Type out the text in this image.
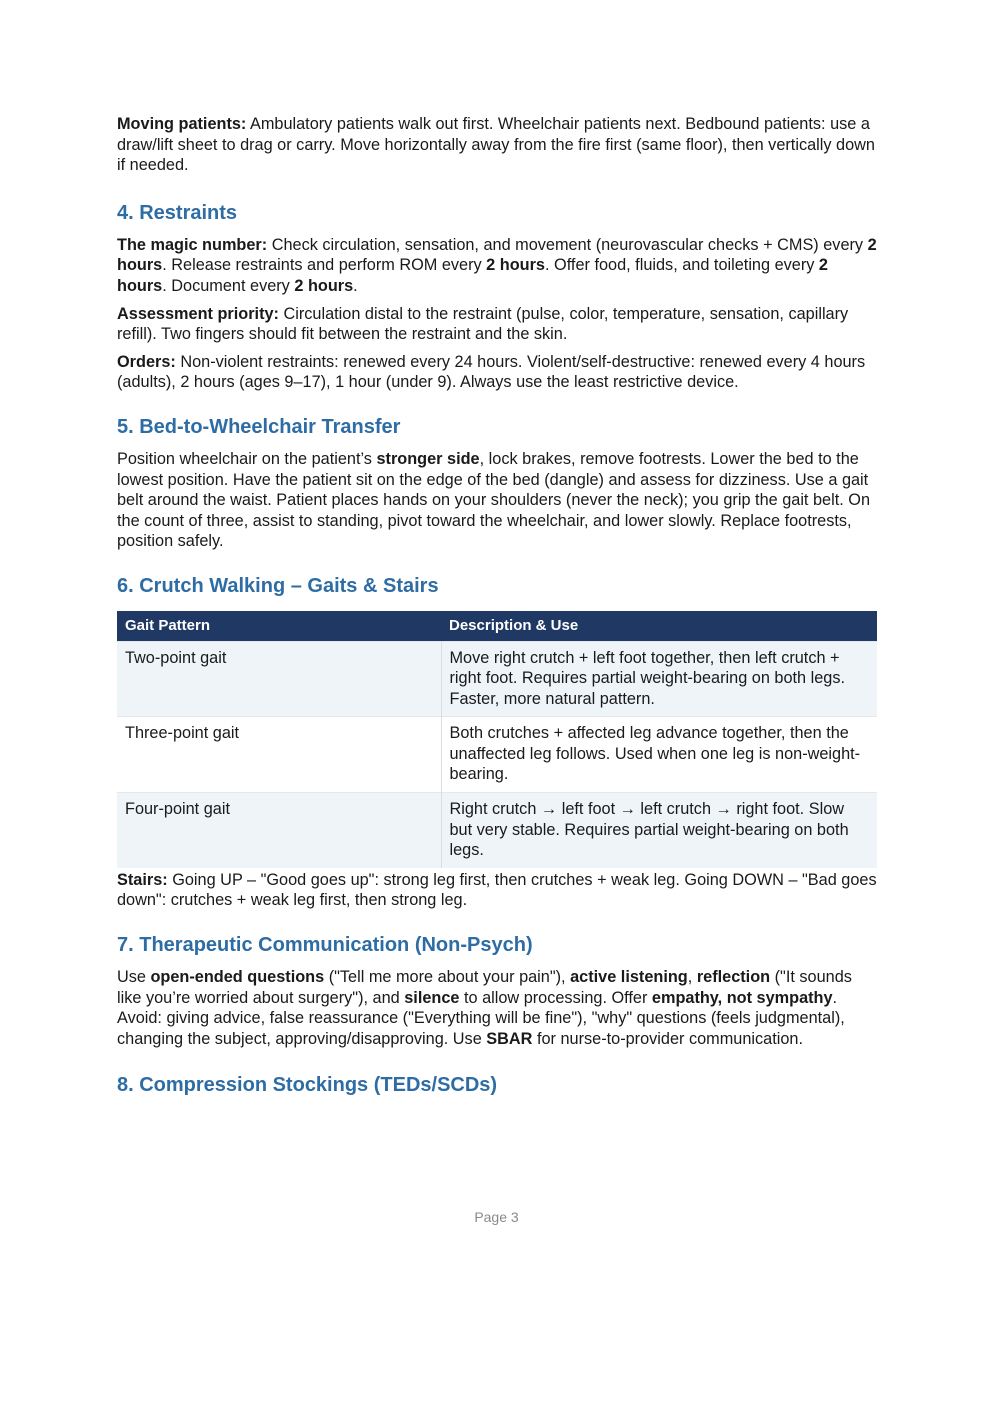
Moving patients: Ambulatory patients walk out first. Wheelchair patients next. Bedbound patients: use a draw/lift sheet to drag or carry. Move horizontally away from the fire first (same floor), then vertically down if needed.

4. Restraints

The magic number: Check circulation, sensation, and movement (neurovascular checks + CMS) every 2 hours. Release restraints and perform ROM every 2 hours. Offer food, fluids, and toileting every 2 hours. Document every 2 hours.

Assessment priority: Circulation distal to the restraint (pulse, color, temperature, sensation, capillary refill). Two fingers should fit between the restraint and the skin.

Orders: Non-violent restraints: renewed every 24 hours. Violent/self-destructive: renewed every 4 hours (adults), 2 hours (ages 9–17), 1 hour (under 9). Always use the least restrictive device.

5. Bed-to-Wheelchair Transfer

Position wheelchair on the patient’s stronger side, lock brakes, remove footrests. Lower the bed to the lowest position. Have the patient sit on the edge of the bed (dangle) and assess for dizziness. Use a gait belt around the waist. Patient places hands on your shoulders (never the neck); you grip the gait belt. On the count of three, assist to standing, pivot toward the wheelchair, and lower slowly. Replace footrests, position safely.

6. Crutch Walking – Gaits & Stairs
Gait Pattern	Description & Use
Two-point gait	Move right crutch + left foot together, then left crutch + right foot. Requires partial weight-bearing on both legs. Faster, more natural pattern.
Three-point gait	Both crutches + affected leg advance together, then the unaffected leg follows. Used when one leg is non-weight-bearing.
Four-point gait	Right crutch → left foot → left crutch → right foot. Slow but very stable. Requires partial weight-bearing on both legs.

Stairs: Going UP – "Good goes up": strong leg first, then crutches + weak leg. Going DOWN – "Bad goes down": crutches + weak leg first, then strong leg.

7. Therapeutic Communication (Non-Psych)

Use open-ended questions ("Tell me more about your pain"), active listening, reflection ("It sounds like you’re worried about surgery"), and silence to allow processing. Offer empathy, not sympathy. Avoid: giving advice, false reassurance ("Everything will be fine"), "why" questions (feels judgmental), changing the subject, approving/disapproving. Use SBAR for nurse-to-provider communication.

8. Compression Stockings (TEDs/SCDs)
Page 3
